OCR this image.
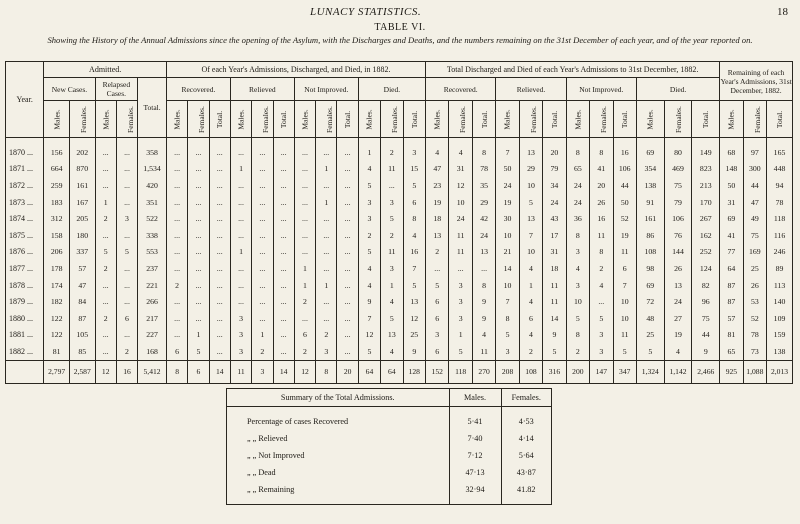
LUNACY STATISTICS.	18
TABLE VI.
Showing the History of the Annual Admissions since the opening of the Asylum, with the Discharges and Deaths, and the numbers remaining on the 31st December of each year, and of the year reported on.
Year.	Admitted.					Of each Year's Admissions, Discharged, and Died, in 1882.												Total Discharged and Died of each Year's Admissions to 31st December, 1882.												Remaining of each Year's Admissions, 31st December, 1882.		
	New Cases.		Relapsed Cases.		Total.	Recovered.			Relieved			Not Improved.			Died.			Recovered.			Relieved.			Not Improved.			Died.					
	Males.	Females.	Males.	Females.		Males.	Females.	Total.	Males.	Females.	Total.	Males.	Females.	Total.	Males.	Females.	Total.	Males.	Females.	Total.	Males.	Females.	Total.	Males.	Females.	Total.	Males.	Females.	Total.	Males.	Females.	Total.
1870 ...	156	202	...	...	358	...	...	...	...	...	...	...	...	...	1	2	3	4	4	8	7	13	20	8	8	16	69	80	149	68	97	165
1871 ...	664	870	...	...	1,534	...	...	...	1	...	...	...	1	...	4	11	15	47	31	78	50	29	79	65	41	106	354	469	823	148	300	448
1872 ...	259	161	...	...	420	...	...	...	...	...	...	...	...	...	5	...	5	23	12	35	24	10	34	24	20	44	138	75	213	50	44	94
1873 ...	183	167	1	...	351	...	...	...	...	...	...	...	1	...	3	3	6	19	10	29	19	5	24	24	26	50	91	79	170	31	47	78
1874 ...	312	205	2	3	522	...	...	...	...	...	...	...	...	...	3	5	8	18	24	42	30	13	43	36	16	52	161	106	267	69	49	118
1875 ...	158	180	...	...	338	...	...	...	...	...	...	...	...	...	2	2	4	13	11	24	10	7	17	8	11	19	86	76	162	41	75	116
1876 ...	206	337	5	5	553	...	...	...	1	...	...	...	...	...	5	11	16	2	11	13	21	10	31	3	8	11	108	144	252	77	169	246
1877 ...	178	57	2	...	237	...	...	...	...	...	...	1	...	...	4	3	7	...	...	...	14	4	18	4	2	6	98	26	124	64	25	89
1878 ...	174	47	...	...	221	2	...	...	...	...	...	1	1	...	4	1	5	5	3	8	10	1	11	3	4	7	69	13	82	87	26	113
1879 ...	182	84	...	...	266	...	...	...	...	...	...	2	...	...	9	4	13	6	3	9	7	4	11	10	...	10	72	24	96	87	53	140
1880 ...	122	87	2	6	217	...	...	...	3	...	...	...	...	...	7	5	12	6	3	9	8	6	14	5	5	10	48	27	75	57	52	109
1881 ...	122	105	...	...	227	...	1	...	3	1	...	6	2	...	12	13	25	3	1	4	5	4	9	8	3	11	25	19	44	81	78	159
1882 ...	81	85	...	2	168	6	5	...	3	2	...	2	3	...	5	4	9	6	5	11	3	2	5	2	3	5	5	4	9	65	73	138
	2,797	2,587	12	16	5,412	8	6	14	11	3	14	12	8	20	64	64	128	152	118	270	208	108	316	200	147	347	1,324	1,142	2,466	925	1,088	2,013
Summary of the Total Admissions.	Males.	Females.

Percentage of cases Recovered	5·41	4·53
„ „ Relieved	7·40	4·14
„ „ Not Improved	7·12	5·64
„ „ Dead	47·13	43·87
„ „ Remaining	32·94	41.82
